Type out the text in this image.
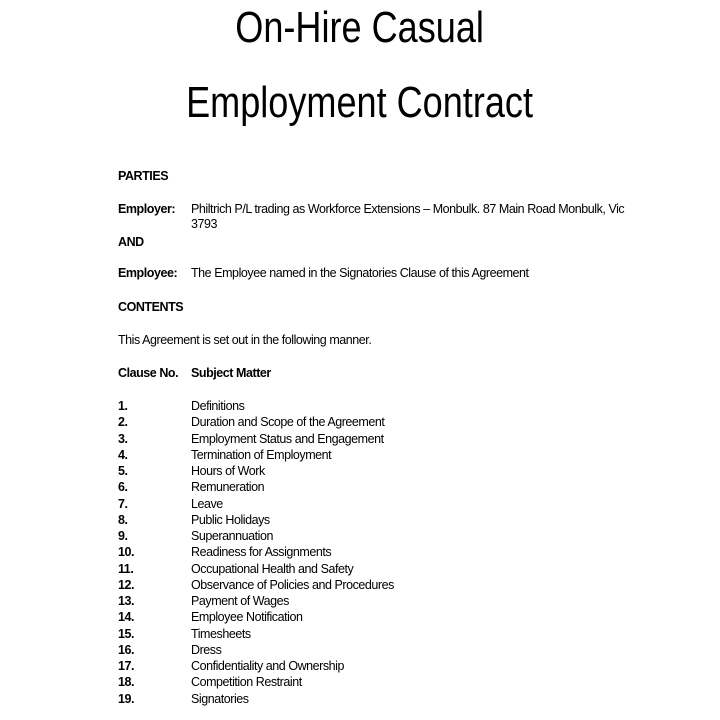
On-Hire Casual
Employment Contract
PARTIES
Employer: Philtrich P/L trading as Workforce Extensions – Monbulk. 87 Main Road Monbulk, Vic
3793
AND
Employee: The Employee named in the Signatories Clause of this Agreement
CONTENTS
This Agreement is set out in the following manner.
Clause No. Subject Matter
1.	Definitions
2.	Duration and Scope of the Agreement
3.	Employment Status and Engagement
4.	Termination of Employment
5.	Hours of Work
6.	Remuneration
7.	Leave
8.	Public Holidays
9.	Superannuation
10.	Readiness for Assignments
11.	Occupational Health and Safety
12.	Observance of Policies and Procedures
13.	Payment of Wages
14.	Employee Notification
15.	Timesheets
16.	Dress
17.	Confidentiality and Ownership
18.	Competition Restraint
19.	Signatories
